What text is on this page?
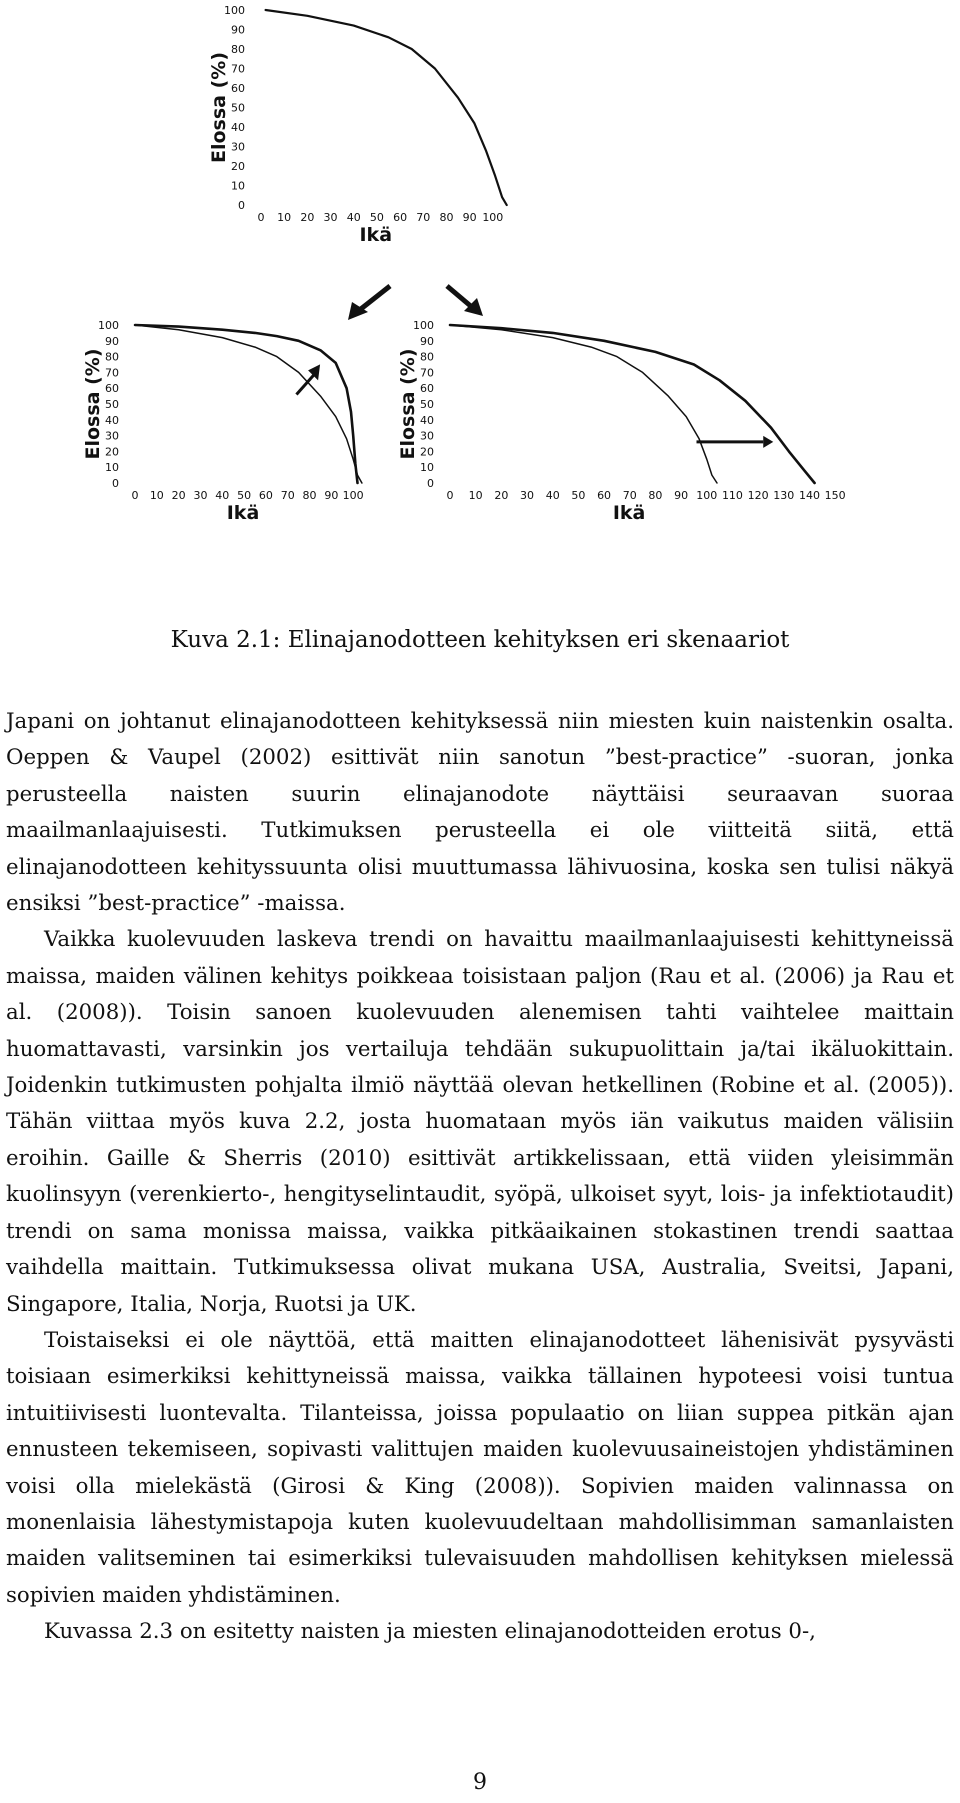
0 10 20 30 40 50 60 70 80 90 100
0
10
20
30
40
50
60
70
80
90
100
Ikä
Elossa (%)
0 10 20 30 40 50 60 70 80 90 100
0
10
20
30
40
50
60
70
80
90
100
Ikä
Elossa (%)
0 10 20 30 40 50 60 70 80 90 100 110 120 130 140 150
0
10
20
30
40
50
60
70
80
90
100
Ikä
Elossa (%)
Kuva 2.1: Elinajanodotteen kehityksen eri skenaariot

Japani on johtanut elinajanodotteen kehityksessä niin miesten kuin naistenkin osalta. Oeppen & Vaupel (2002) esittivät niin sanotun ”best-practice” -suoran, jonka perusteella naisten suurin elinajanodote näyttäisi seuraavan suoraa maailmanlaajuisesti. Tutkimuksen perusteella ei ole viitteitä siitä, että elinajanodotteen kehityssuunta olisi muuttumassa lähivuosina, koska sen tulisi näkyä ensiksi ”best-practice” -maissa.

Vaikka kuolevuuden laskeva trendi on havaittu maailmanlaajuisesti kehittyneissä maissa, maiden välinen kehitys poikkeaa toisistaan paljon (Rau et al. (2006) ja Rau et al. (2008)). Toisin sanoen kuolevuuden alenemisen tahti vaihtelee maittain huomattavasti, varsinkin jos vertailuja tehdään sukupuolittain ja/tai ikäluokittain. Joidenkin tutkimusten pohjalta ilmiö näyttää olevan hetkellinen (Robine et al. (2005)). Tähän viittaa myös kuva 2.2, josta huomataan myös iän vaikutus maiden välisiin eroihin. Gaille & Sherris (2010) esittivät artikkelissaan, että viiden yleisimmän kuolinsyyn (verenkierto-, hengityselintaudit, syöpä, ulkoiset syyt, lois- ja infektiotaudit) trendi on sama monissa maissa, vaikka pitkäaikainen stokastinen trendi saattaa vaihdella maittain. Tutkimuksessa olivat mukana USA, Australia, Sveitsi, Japani, Singapore, Italia, Norja, Ruotsi ja UK.

Toistaiseksi ei ole näyttöä, että maitten elinajanodotteet lähenisivät pysyvästi toisiaan esimerkiksi kehittyneissä maissa, vaikka tällainen hypoteesi voisi tuntua intuitiivisesti luontevalta. Tilanteissa, joissa populaatio on liian suppea pitkän ajan ennusteen tekemiseen, sopivasti valittujen maiden kuolevuusaineistojen yhdistäminen voisi olla mielekästä (Girosi & King (2008)). Sopivien maiden valinnassa on monenlaisia lähestymistapoja kuten kuolevuudeltaan mahdollisimman samanlaisten maiden valitseminen tai esimerkiksi tulevaisuuden mahdollisen kehityksen mielessä sopivien maiden yhdistäminen.

Kuvassa 2.3 on esitetty naisten ja miesten elinajanodotteiden erotus 0-,

9
